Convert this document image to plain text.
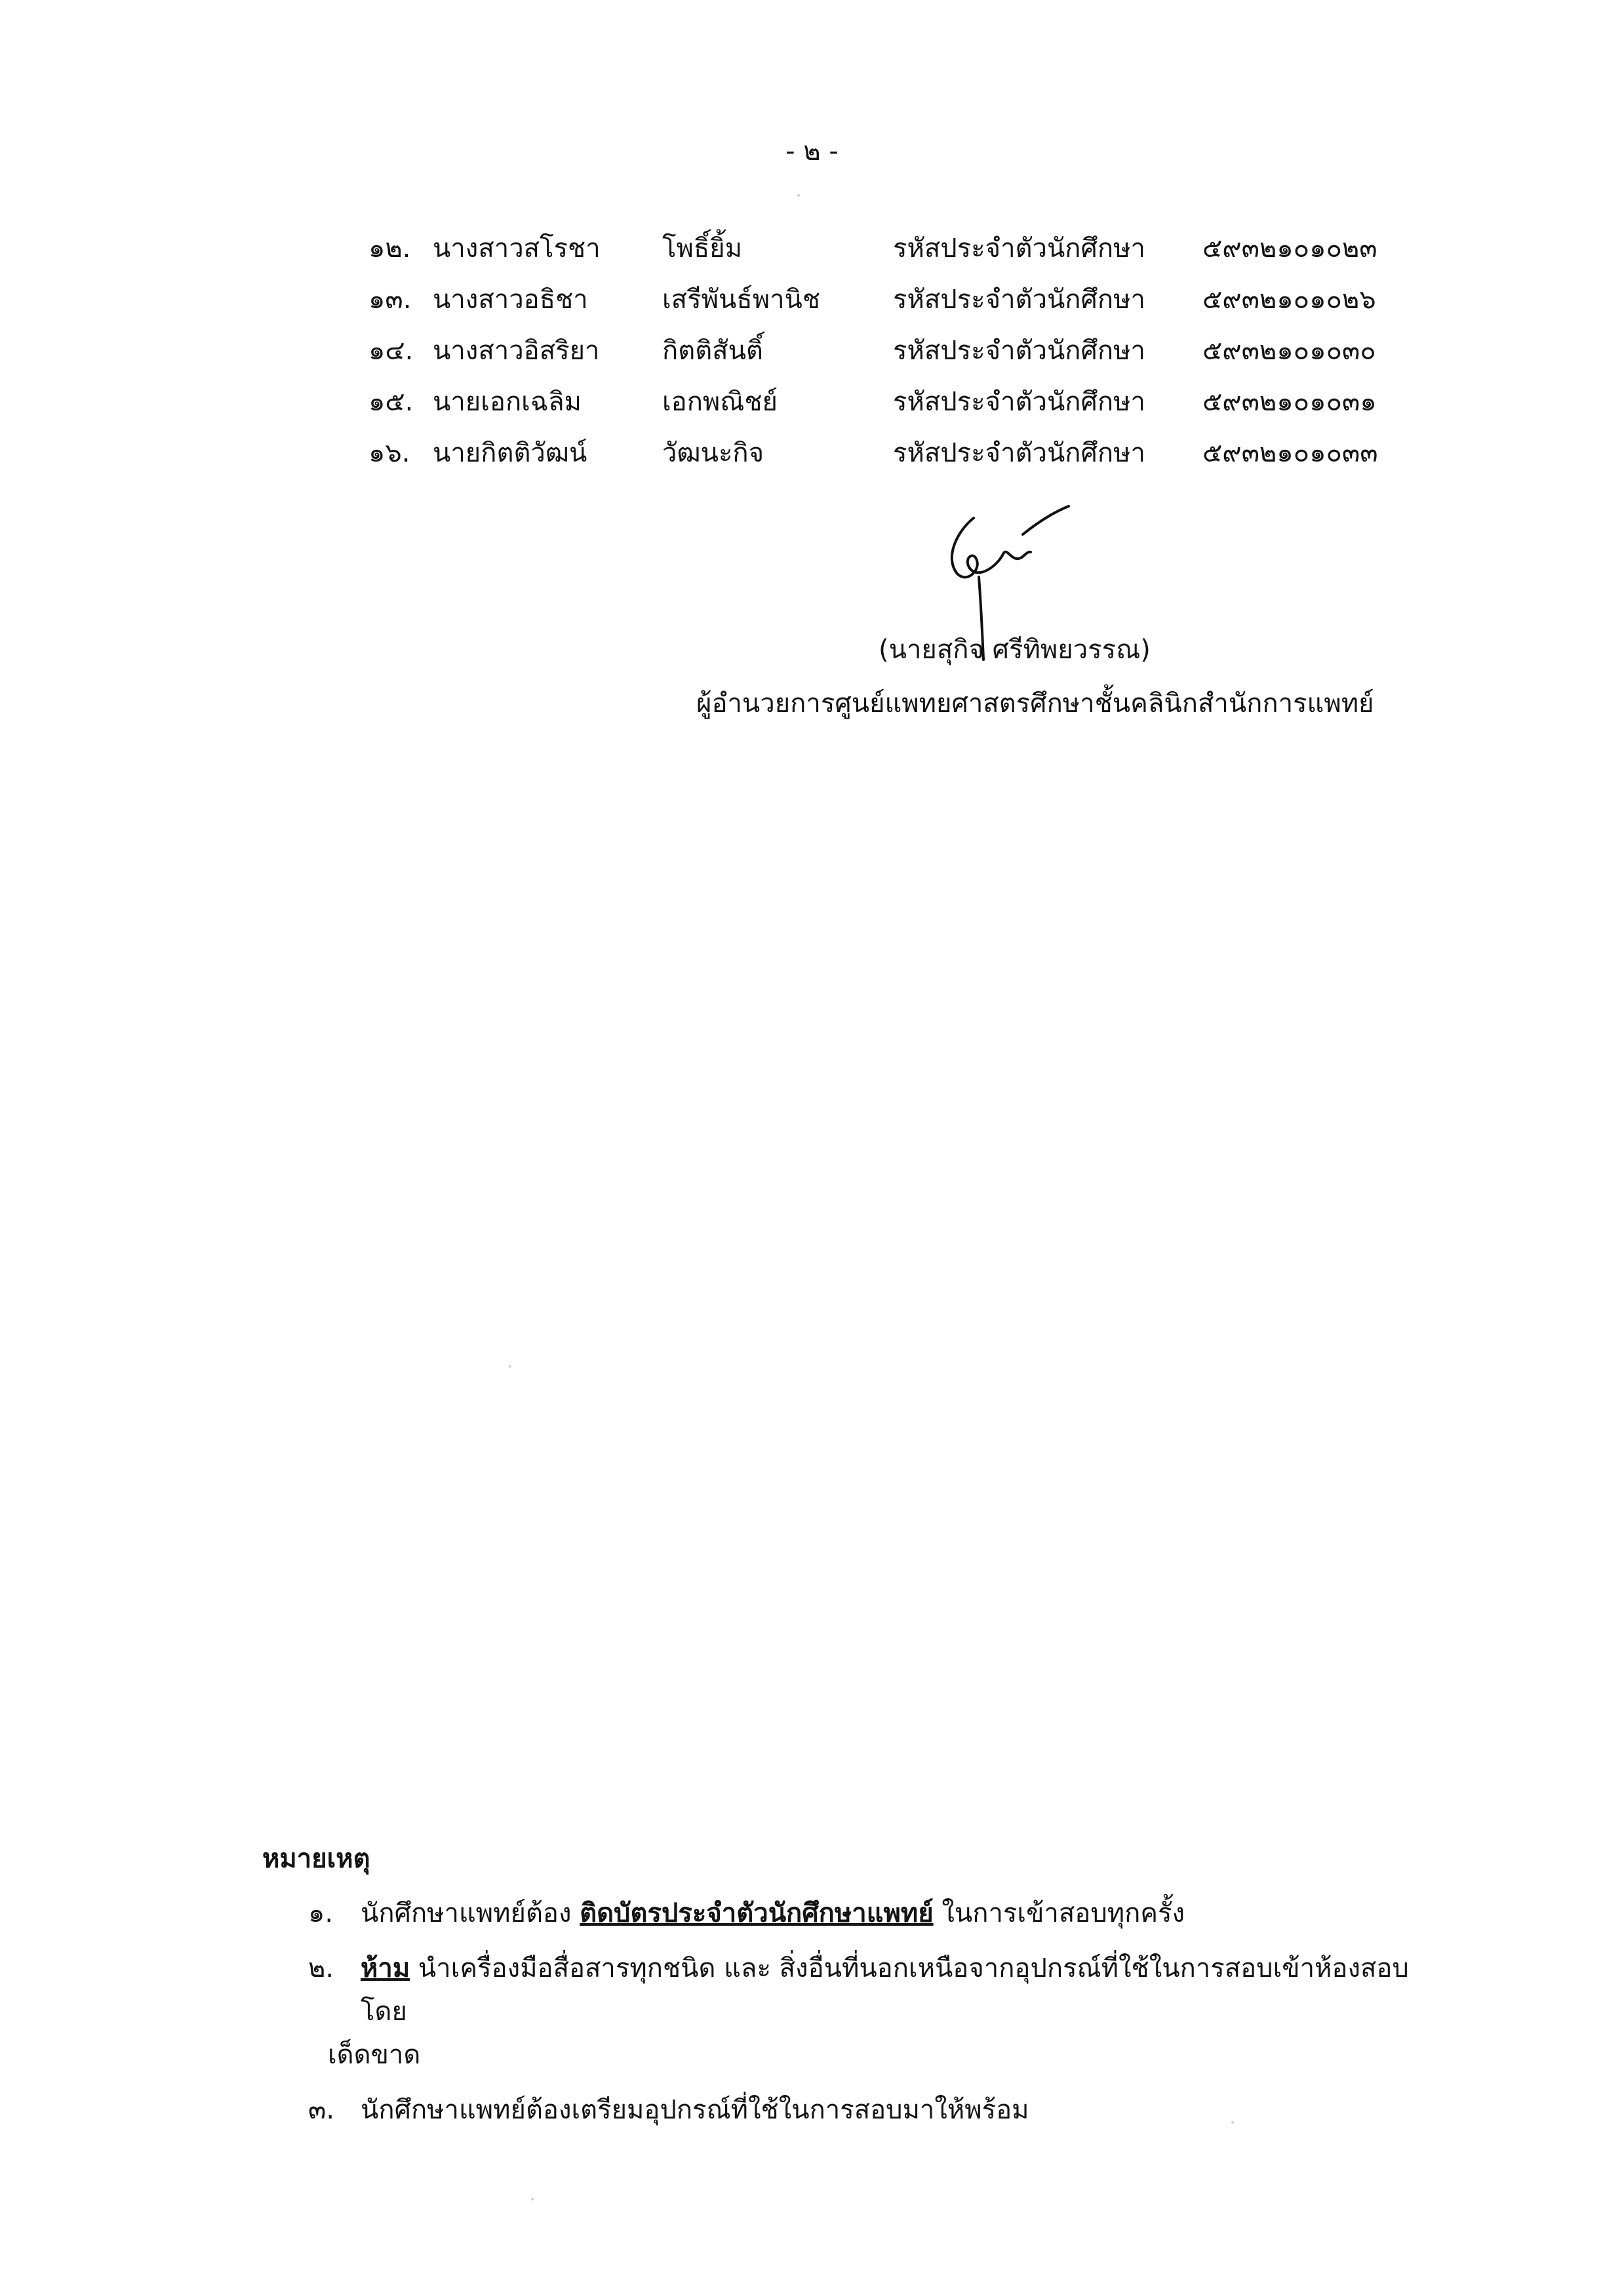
- ๒ -
๑๒. นางสาวสโรชา โพธิ์ยิ้ม	รหัสประจำตัวนักศึกษา ๕๙๓๒๑๐๑๐๒๓
๑๓. นางสาวอธิชา	เสรีพันธ์พานิช	รหัสประจำตัวนักศึกษา ๕๙๓๒๑๐๑๐๒๖
๑๔. นางสาวอิสริยา กิตติสันติ์	รหัสประจำตัวนักศึกษา ๕๙๓๒๑๐๑๐๓๐
๑๕. นายเอกเฉลิม	เอกพณิชย์	รหัสประจำตัวนักศึกษา ๕๙๓๒๑๐๑๐๓๑
๑๖. นายกิตติวัฒน์	วัฒนะกิจ	รหัสประจำตัวนักศึกษา ๕๙๓๒๑๐๑๐๓๓
(นายสุกิจ ศรีทิพยวรรณ)
ผู้อำนวยการศูนย์แพทยศาสตรศึกษาชั้นคลินิกสำนักการแพทย์
หมายเหตุ
๑. นักศึกษาแพทย์ต้อง ติดบัตรประจำตัวนักศึกษาแพทย์ ในการเข้าสอบทุกครั้ง
๒. ห้าม นำเครื่องมือสื่อสารทุกชนิด และ สิ่งอื่นที่นอกเหนือจากอุปกรณ์ที่ใช้ในการสอบเข้าห้องสอบโดย
เด็ดขาด
๓. นักศึกษาแพทย์ต้องเตรียมอุปกรณ์ที่ใช้ในการสอบมาให้พร้อม
